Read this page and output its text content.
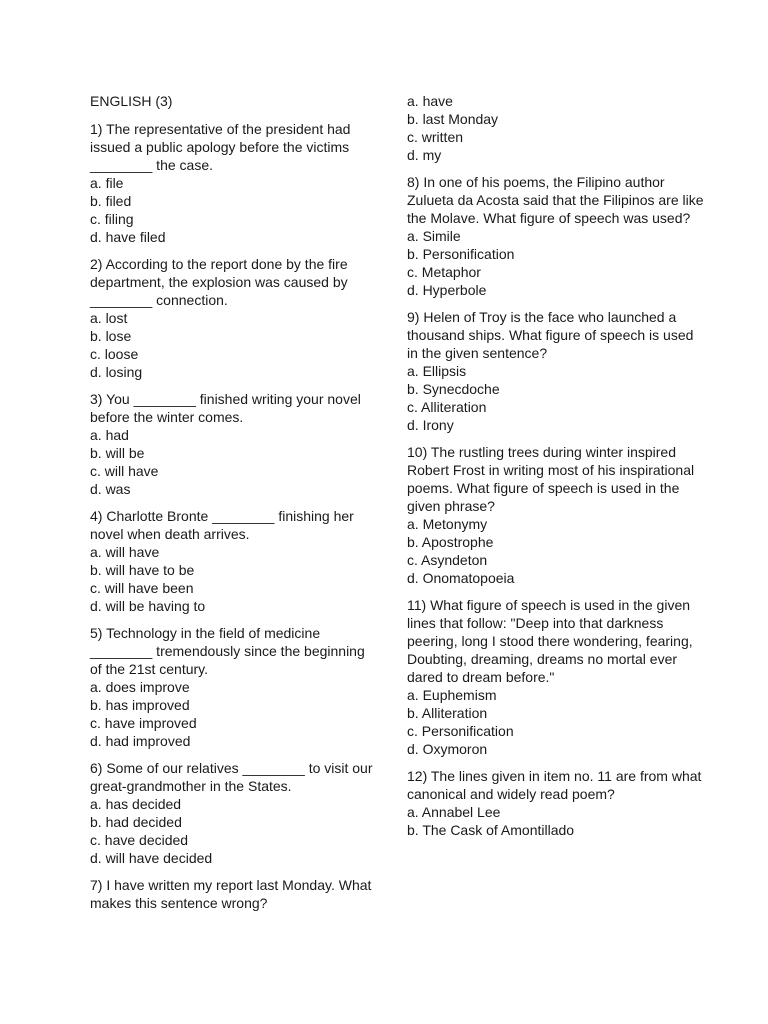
ENGLISH (3)

1) The representative of the president had issued a public apology before the victims ________ the case.

a. file
b. filed
c. filing
d. have filed

2) According to the report done by the fire department, the explosion was caused by ________ connection.

a. lost
b. lose
c. loose
d. losing

3) You ________ finished writing your novel before the winter comes.

a. had
b. will be
c. will have
d. was

4) Charlotte Bronte ________ finishing her novel when death arrives.

a. will have
b. will have to be
c. will have been
d. will be having to

5) Technology in the field of medicine ________ tremendously since the beginning of the 21st century.

a. does improve
b. has improved
c. have improved
d. had improved

6) Some of our relatives ________ to visit our great-grandmother in the States.

a. has decided
b. had decided
c. have decided
d. will have decided

7) I have written my report last Monday. What makes this sentence wrong?

a. have
b. last Monday
c. written
d. my

8) In one of his poems, the Filipino author Zulueta da Acosta said that the Filipinos are like the Molave. What figure of speech was used?

a. Simile
b. Personification
c. Metaphor
d. Hyperbole

9) Helen of Troy is the face who launched a thousand ships. What figure of speech is used in the given sentence?

a. Ellipsis
b. Synecdoche
c. Alliteration
d. Irony

10) The rustling trees during winter inspired Robert Frost in writing most of his inspirational poems. What figure of speech is used in the given phrase?

a. Metonymy
b. Apostrophe
c. Asyndeton
d. Onomatopoeia

11) What figure of speech is used in the given lines that follow: "Deep into that darkness peering, long I stood there wondering, fearing, Doubting, dreaming, dreams no mortal ever dared to dream before."

a. Euphemism
b. Alliteration
c. Personification
d. Oxymoron

12) The lines given in item no. 11 are from what canonical and widely read poem?

a. Annabel Lee
b. The Cask of Amontillado
